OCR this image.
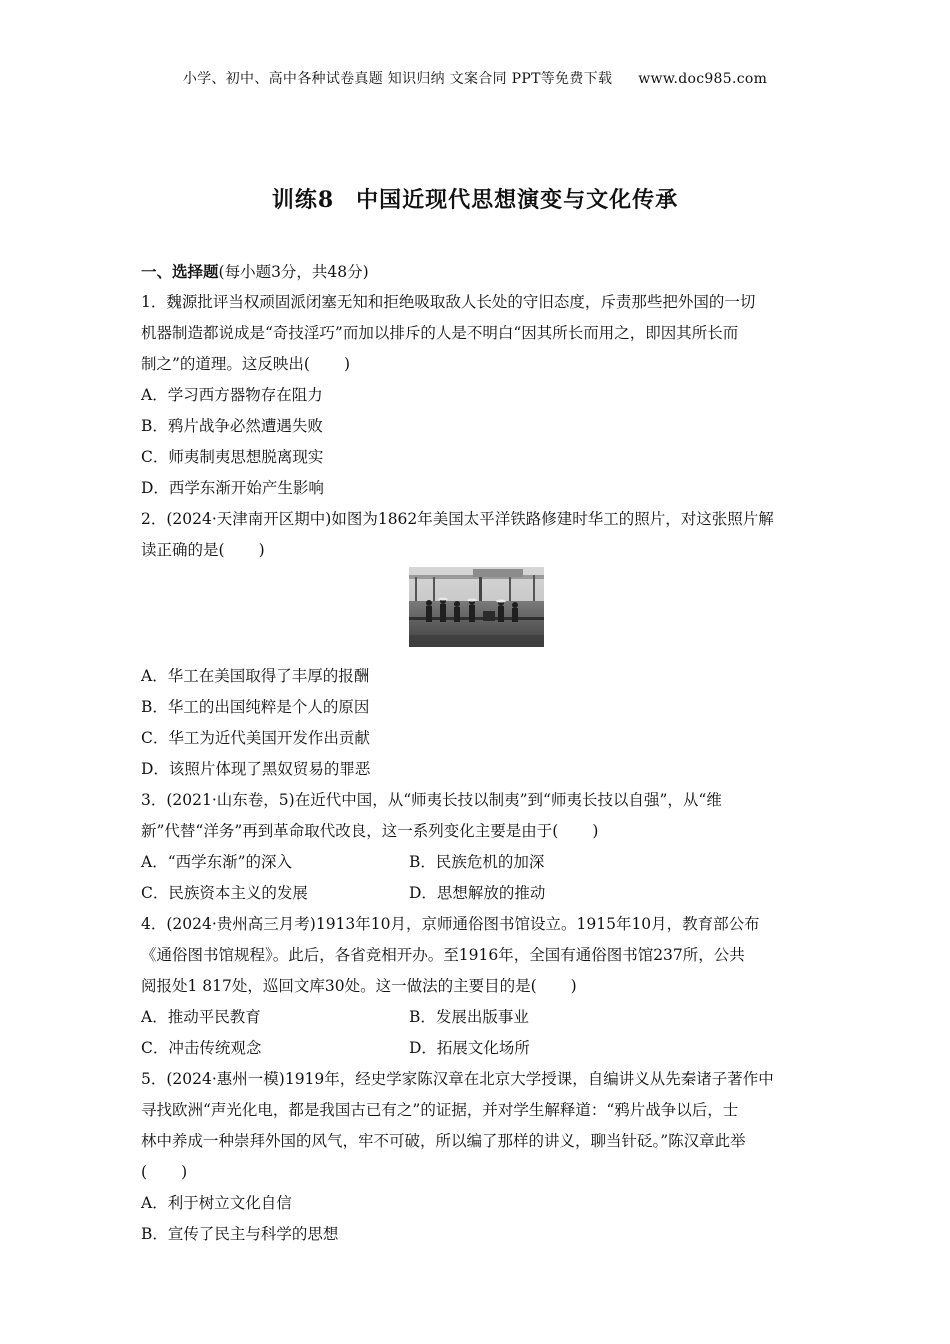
小学、初中、高中各种试卷真题 知识归纳 文案合同 PPT等免费下载 www.doc985.com
训练8 中国近现代思想演变与文化传承
一、选择题(每小题3分，共48分)
1．魏源批评当权顽固派闭塞无知和拒绝吸取敌人长处的守旧态度，斥责那些把外国的一切
机器制造都说成是“奇技淫巧”而加以排斥的人是不明白“因其所长而用之，即因其所长而
制之”的道理。这反映出( )
A．学习西方器物存在阻力
B．鸦片战争必然遭遇失败
C．师夷制夷思想脱离现实
D．西学东渐开始产生影响
2．(2024·天津南开区期中)如图为1862年美国太平洋铁路修建时华工的照片，对这张照片解
读正确的是( )
A．华工在美国取得了丰厚的报酬
B．华工的出国纯粹是个人的原因
C．华工为近代美国开发作出贡献
D．该照片体现了黑奴贸易的罪恶
3．(2021·山东卷，5)在近代中国，从“师夷长技以制夷”到“师夷长技以自强”，从“维
新”代替“洋务”再到革命取代改良，这一系列变化主要是由于( )
A．“西学东渐”的深入	B．民族危机的加深
C．民族资本主义的发展	D．思想解放的推动
4．(2024·贵州高三月考)1913年10月，京师通俗图书馆设立。1915年10月，教育部公布
《通俗图书馆规程》。此后，各省竞相开办。至1916年，全国有通俗图书馆237所，公共
阅报处1 817处，巡回文库30处。这一做法的主要目的是( )
A．推动平民教育	B．发展出版事业
C．冲击传统观念	D．拓展文化场所
5．(2024·惠州一模)1919年，经史学家陈汉章在北京大学授课，自编讲义从先秦诸子著作中
寻找欧洲“声光化电，都是我国古已有之”的证据，并对学生解释道：“鸦片战争以后，士
林中养成一种崇拜外国的风气，牢不可破，所以编了那样的讲义，聊当针砭。”陈汉章此举
( )
A．利于树立文化自信
B．宣传了民主与科学的思想
